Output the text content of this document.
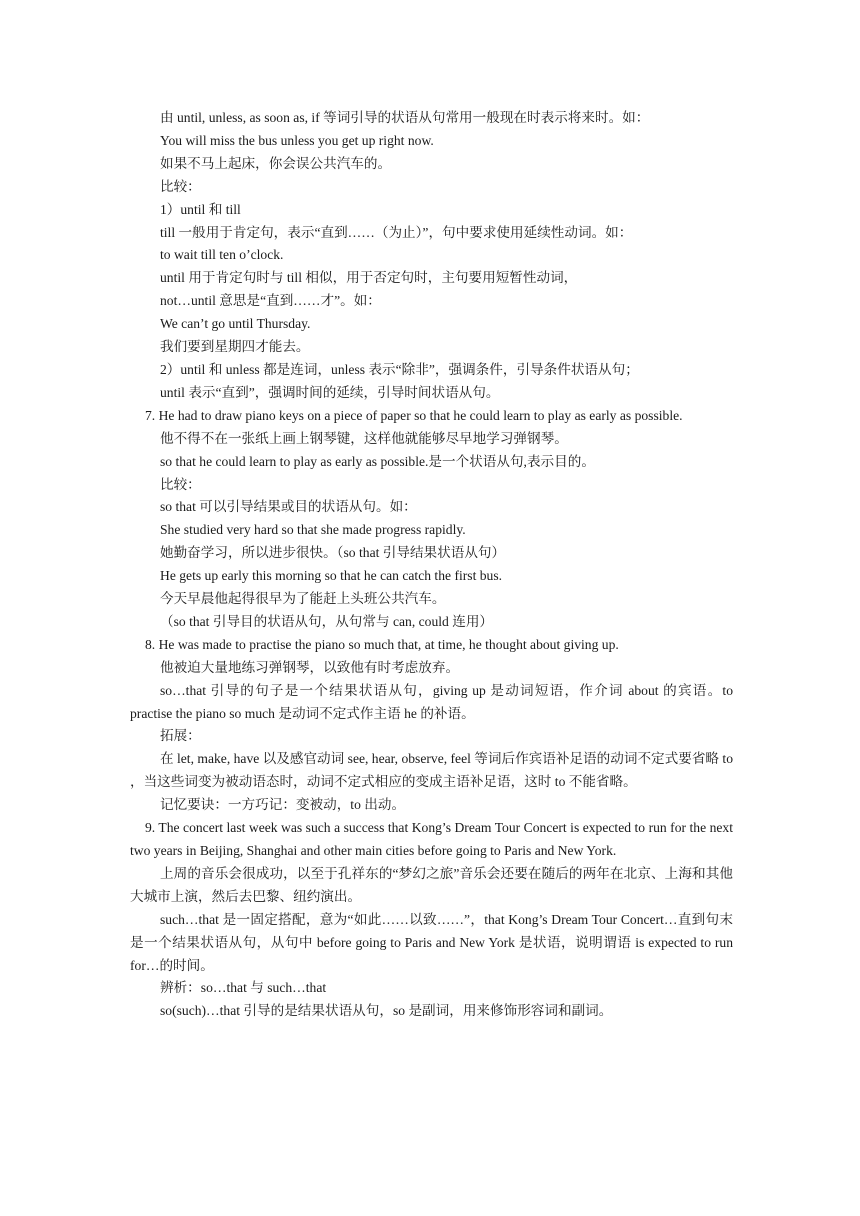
由 until, unless, as soon as, if 等词引导的状语从句常用一般现在时表示将来时。如：
You will miss the bus unless you get up right now.
如果不马上起床，你会误公共汽车的。
比较：
1）until 和 till
till 一般用于肯定句，表示“直到……（为止）”，句中要求使用延续性动词。如：
to wait till ten o’clock.
until 用于肯定句时与 till 相似，用于否定句时，主句要用短暂性动词，
not…until 意思是“直到……才”。如：
We can’t go until Thursday.
我们要到星期四才能去。
2）until 和 unless 都是连词，unless 表示“除非”，强调条件，引导条件状语从句；
until 表示“直到”，强调时间的延续，引导时间状语从句。
7. He had to draw piano keys on a piece of paper so that he could learn to play as early as possible.
他不得不在一张纸上画上钢琴键，这样他就能够尽早地学习弹钢琴。
so that he could learn to play as early as possible.是一个状语从句,表示目的。
比较：
so that 可以引导结果或目的状语从句。如：
She studied very hard so that she made progress rapidly.
她勤奋学习，所以进步很快。（so that 引导结果状语从句）
He gets up early this morning so that he can catch the first bus.
今天早晨他起得很早为了能赶上头班公共汽车。
（so that 引导目的状语从句，从句常与 can, could 连用）
8. He was made to practise the piano so much that, at time, he thought about giving up.
他被迫大量地练习弹钢琴，以致他有时考虑放弃。
so…that 引导的句子是一个结果状语从句，giving up 是动词短语，作介词 about 的宾语。to practise the piano so much 是动词不定式作主语 he 的补语。
拓展：
在 let, make, have 以及感官动词 see, hear, observe, feel 等词后作宾语补足语的动词不定式要省略 to ，当这些词变为被动语态时，动词不定式相应的变成主语补足语，这时 to 不能省略。
记忆要诀：一方巧记：变被动，to 出动。
9. The concert last week was such a success that Kong’s Dream Tour Concert is expected to run for the next two years in Beijing, Shanghai and other main cities before going to Paris and New York.
上周的音乐会很成功，以至于孔祥东的“梦幻之旅”音乐会还要在随后的两年在北京、上海和其他大城市上演，然后去巴黎、纽约演出。
such…that 是一固定搭配，意为“如此……以致……”，that Kong’s Dream Tour Concert…直到句末是一个结果状语从句，从句中 before going to Paris and New York 是状语，说明谓语 is expected to run for…的时间。
辨析：so…that 与 such…that
so(such)…that 引导的是结果状语从句，so 是副词，用来修饰形容词和副词。
